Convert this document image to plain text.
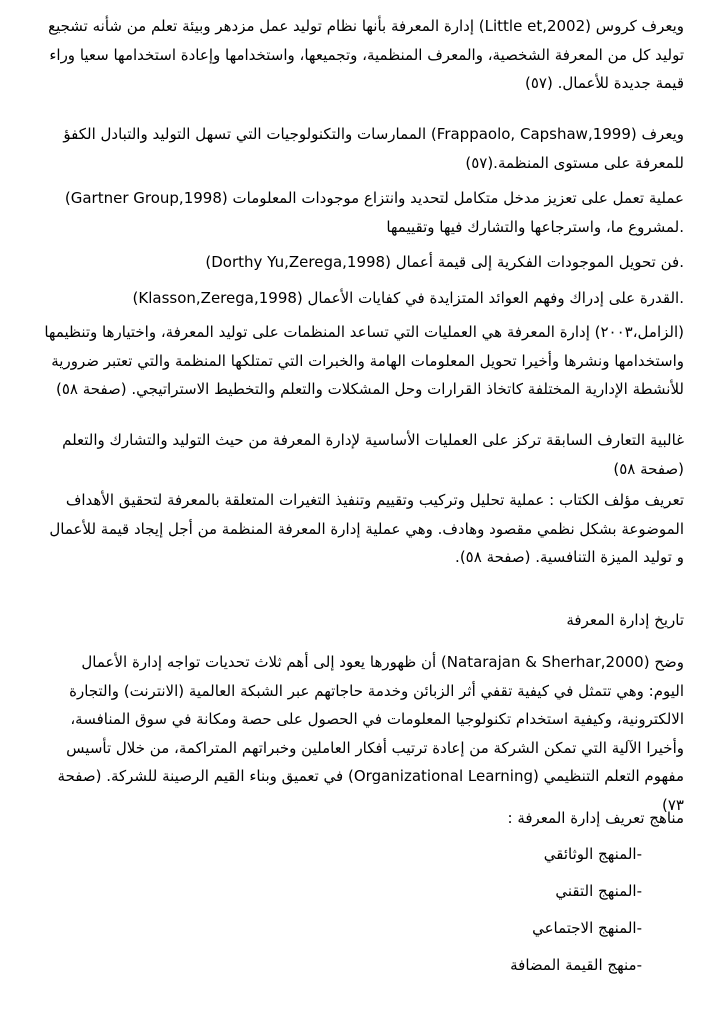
ويعرف كروس (Little et,2002) إدارة المعرفة بأنها نظام توليد عمل مزدهر وبيئة تعلم من شأنه تشجيع توليد كل من المعرفة الشخصية، والمعرف المنظمية، وتجميعها، واستخدامها وإعادة استخدامها سعيا وراء قيمة جديدة للأعمال. (٥٧)

ويعرف (Frappaolo, Capshaw,1999) الممارسات والتكنولوجيات التي تسهل التوليد والتبادل الكفؤ للمعرفة على مستوى المنظمة.(٥٧)

(Gartner Group,1998) عملية تعمل على تعزيز مدخل متكامل لتحديد وانتزاع موجودات المعلومات لمشروع ما، واسترجاعها والتشارك فيها وتقييمها.

(Dorthy Yu,Zerega,1998) فن تحويل الموجودات الفكرية إلى قيمة أعمال.

(Klasson,Zerega,1998) القدرة على إدراك وفهم العوائد المتزايدة في كفايات الأعمال.

(الزامل،٢٠٠٣) إدارة المعرفة هي العمليات التي تساعد المنظمات على توليد المعرفة، واختيارها وتنظيمها واستخدامها ونشرها وأخيرا تحويل المعلومات الهامة والخبرات التي تمتلكها المنظمة والتي تعتبر ضرورية للأنشطة الإدارية المختلفة كاتخاذ القرارات وحل المشكلات والتعلم والتخطيط الاستراتيجي. (صفحة ٥٨)

غالبية التعارف السابقة تركز على العمليات الأساسية لإدارة المعرفة من حيث التوليد والتشارك والتعلم (صفحة ٥٨)

تعريف مؤلف الكتاب : عملية تحليل وتركيب وتقييم وتنفيذ التغيرات المتعلقة بالمعرفة لتحقيق الأهداف الموضوعة بشكل نظمي مقصود وهادف. وهي عملية إدارة المعرفة المنظمة من أجل إيجاد قيمة للأعمال و توليد الميزة التنافسية. (صفحة ٥٨).

تاريخ إدارة المعرفة

وضح (Natarajan & Sherhar,2000) أن ظهورها يعود إلى أهم ثلاث تحديات تواجه إدارة الأعمال اليوم: وهي تتمثل في كيفية تقفي أثر الزبائن وخدمة حاجاتهم عبر الشبكة العالمية (الانترنت) والتجارة الالكترونية، وكيفية استخدام تكنولوجيا المعلومات في الحصول على حصة ومكانة في سوق المنافسة، وأخيرا الآلية التي تمكن الشركة من إعادة ترتيب أفكار العاملين وخبراتهم المتراكمة، من خلال تأسيس مفهوم التعلم التنظيمي (Organizational Learning) في تعميق وبناء القيم الرصينة للشركة. (صفحة ٧٣)

مناهج تعريف إدارة المعرفة :
-المنهج الوثائقي
-المنهج التقني
-المنهج الاجتماعي
-منهج القيمة المضافة
